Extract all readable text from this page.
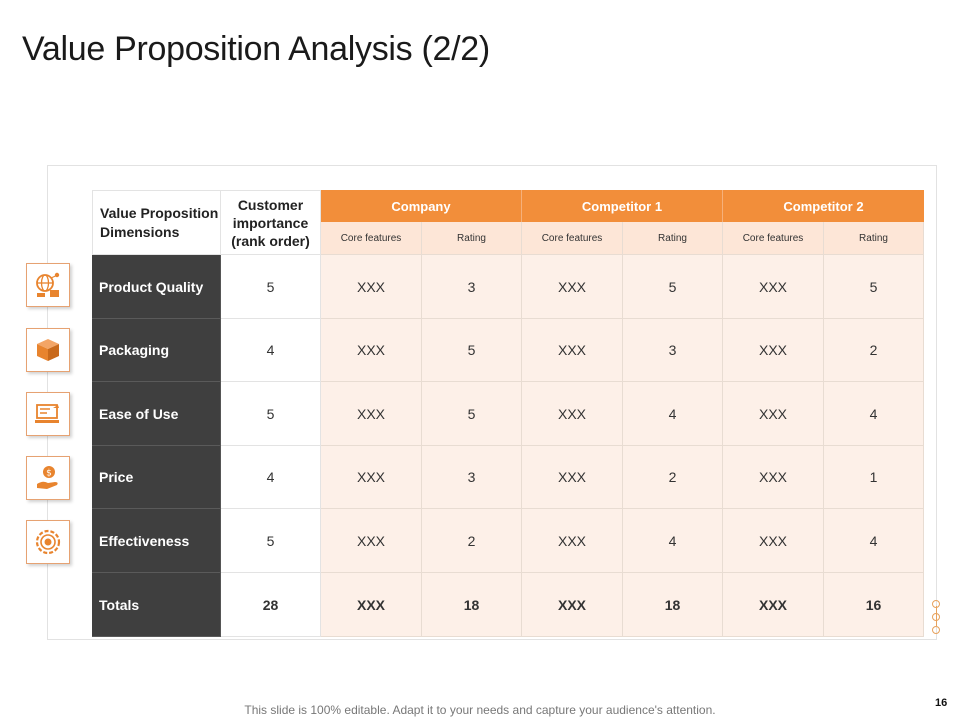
Value Proposition Analysis (2/2)
Value Proposition Dimensions
Customer importance (rank order)
Company	Competitor 1	Competitor 2
Core features	Rating	Core features	Rating	Core features	Rating
Product Quality	5	XXX	3	XXX	5	XXX	5
Packaging	4	XXX	5	XXX	3	XXX	2
Ease of Use	5	XXX	5	XXX	4	XXX	4
Price	4	XXX	3	XXX	2	XXX	1
Effectiveness	5	XXX	2	XXX	4	XXX	4
Totals	28	XXX	18	XXX	18	XXX	16
$
This slide is 100% editable. Adapt it to your needs and capture your audience's attention.	16
